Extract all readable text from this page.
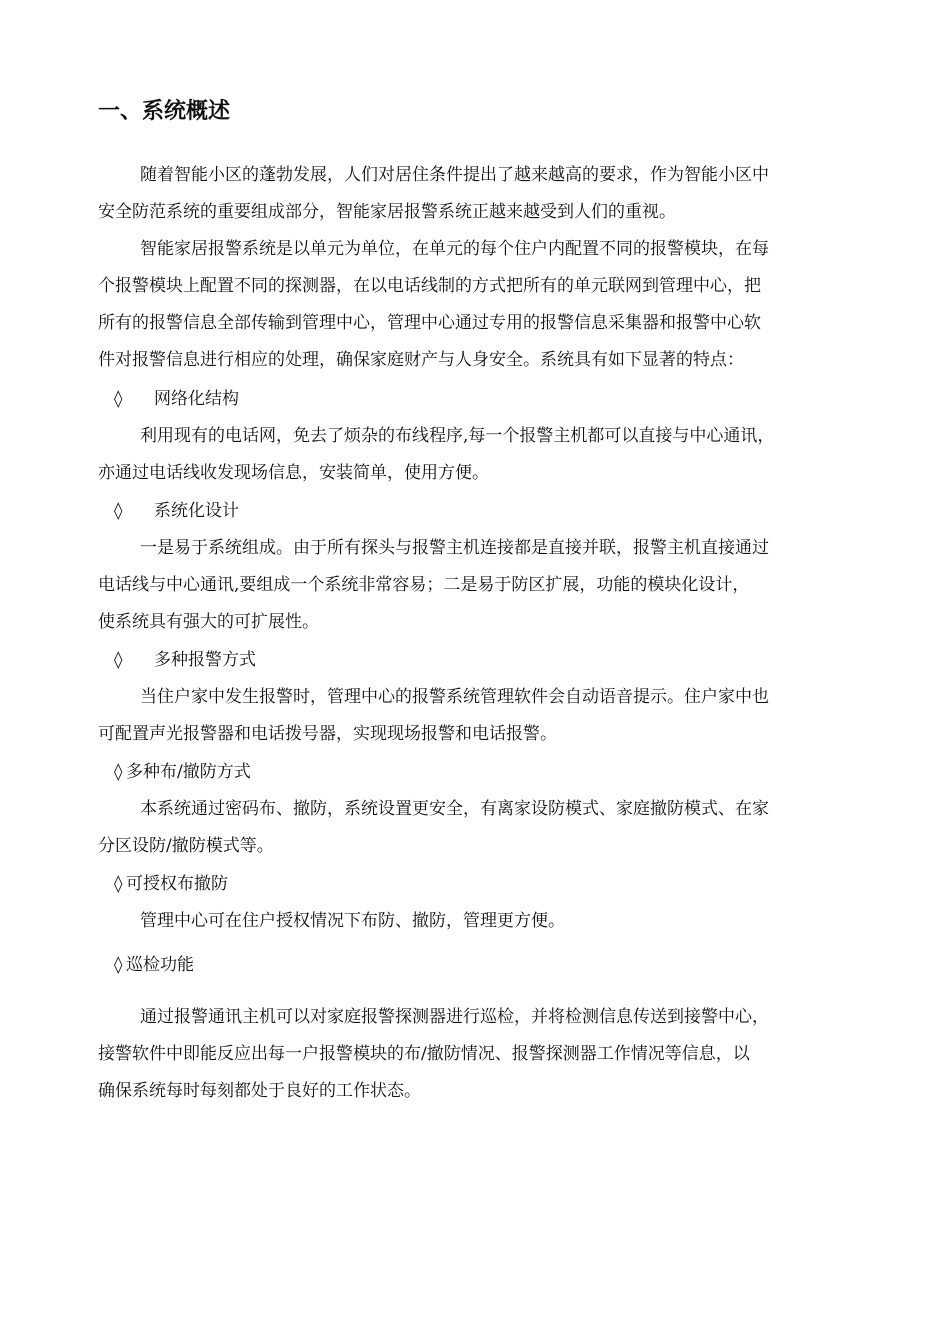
一、系统概述
随着智能小区的蓬勃发展，人们对居住条件提出了越来越高的要求，作为智能小区中
安全防范系统的重要组成部分，智能家居报警系统正越来越受到人们的重视。
智能家居报警系统是以单元为单位，在单元的每个住户内配置不同的报警模块，在每
个报警模块上配置不同的探测器，在以电话线制的方式把所有的单元联网到管理中心，把
所有的报警信息全部传输到管理中心，管理中心通过专用的报警信息采集器和报警中心软
件对报警信息进行相应的处理，确保家庭财产与人身安全。系统具有如下显著的特点：
◊ 网络化结构
利用现有的电话网，免去了烦杂的布线程序,每一个报警主机都可以直接与中心通讯，
亦通过电话线收发现场信息，安装简单，使用方便。
◊ 系统化设计
一是易于系统组成。由于所有探头与报警主机连接都是直接并联，报警主机直接通过
电话线与中心通讯,要组成一个系统非常容易；二是易于防区扩展，功能的模块化设计，
使系统具有强大的可扩展性。
◊ 多种报警方式
当住户家中发生报警时，管理中心的报警系统管理软件会自动语音提示。住户家中也
可配置声光报警器和电话拨号器，实现现场报警和电话报警。
◊ 多种布/撤防方式
本系统通过密码布、撤防，系统设置更安全，有离家设防模式、家庭撤防模式、在家
分区设防/撤防模式等。
◊ 可授权布撤防
管理中心可在住户授权情况下布防、撤防，管理更方便。
◊ 巡检功能
通过报警通讯主机可以对家庭报警探测器进行巡检，并将检测信息传送到接警中心，
接警软件中即能反应出每一户报警模块的布/撤防情况、报警探测器工作情况等信息，以
确保系统每时每刻都处于良好的工作状态。
